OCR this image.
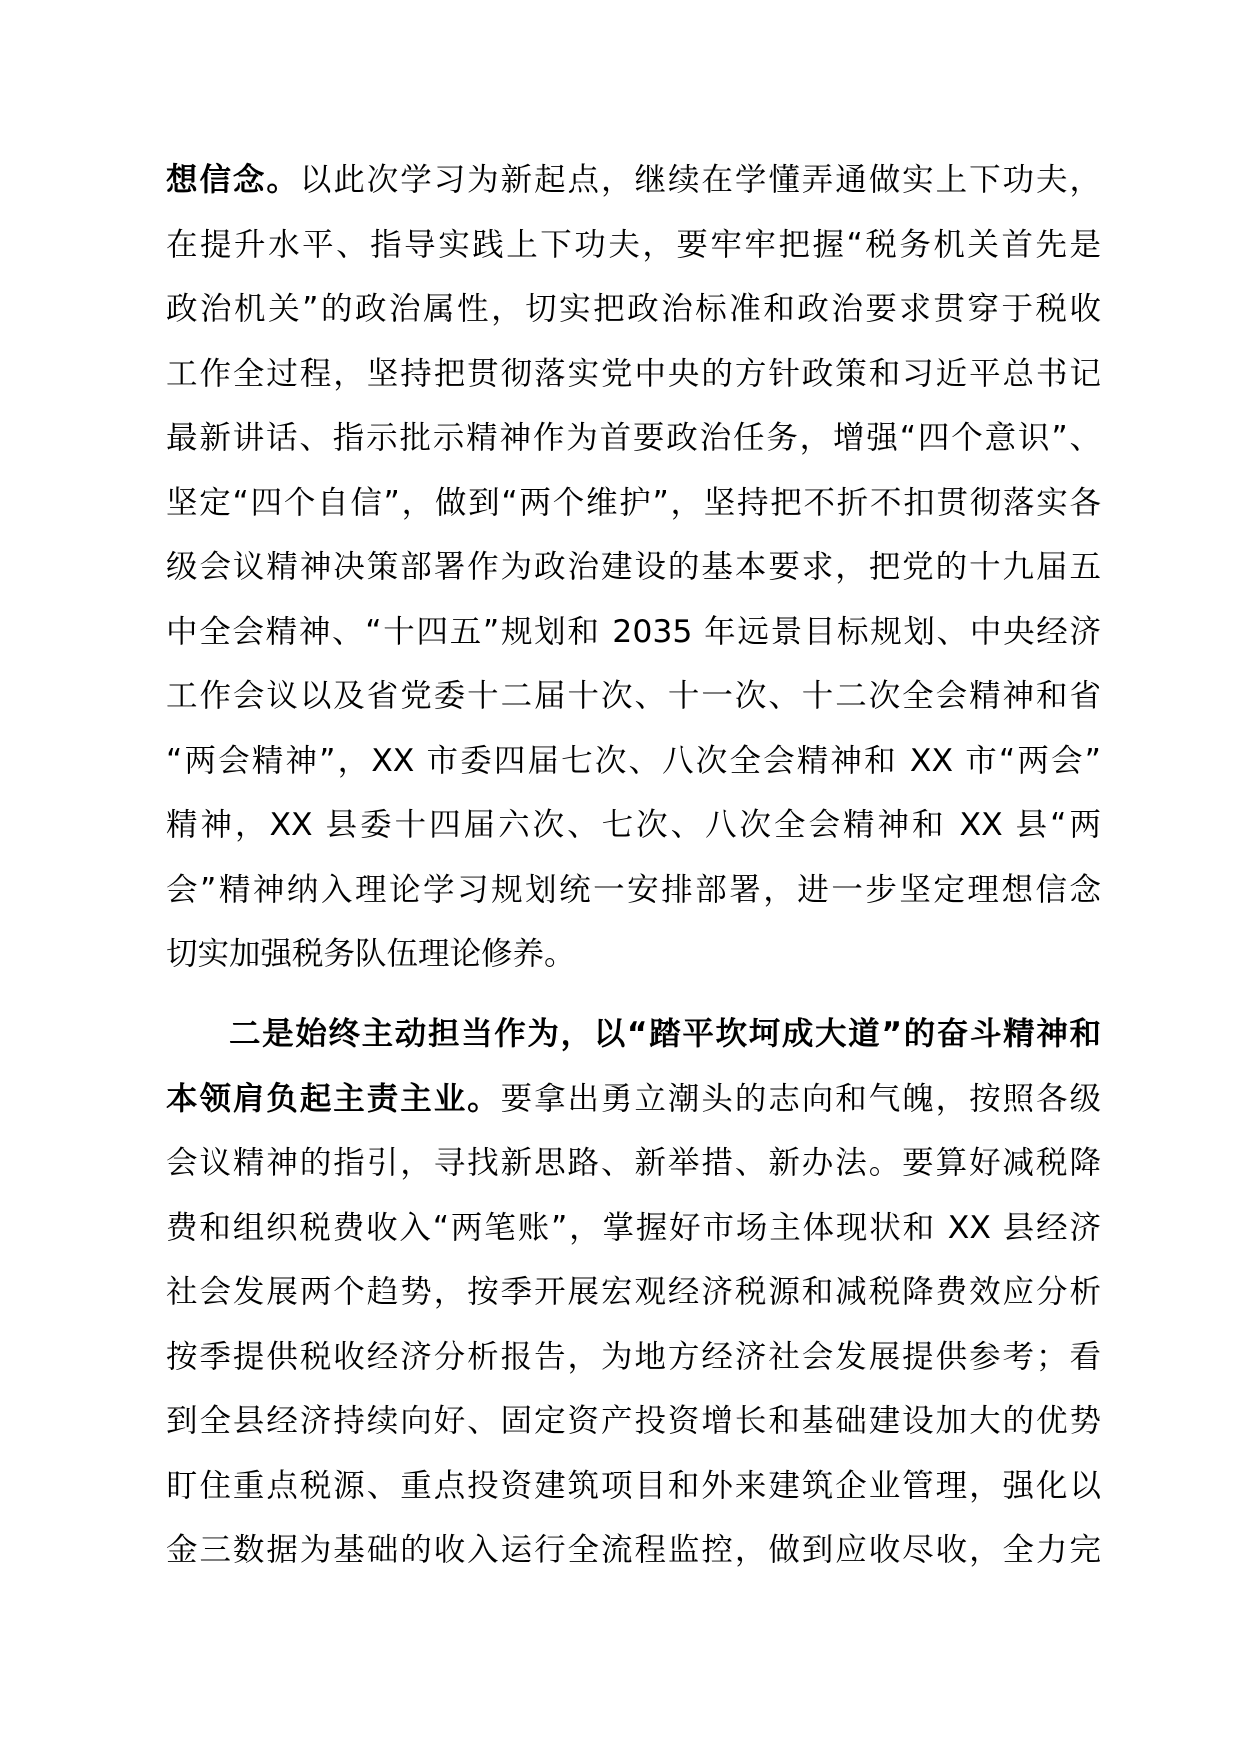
想信念。以此次学习为新起点，继续在学懂弄通做实上下功夫，
在提升水平、指导实践上下功夫，要牢牢把握“税务机关首先是
政治机关”的政治属性，切实把政治标准和政治要求贯穿于税收
工作全过程，坚持把贯彻落实党中央的方针政策和习近平总书记
最新讲话、指示批示精神作为首要政治任务，增强“四个意识”、
坚定“四个自信”，做到“两个维护”，坚持把不折不扣贯彻落实各
级会议精神决策部署作为政治建设的基本要求，把党的十九届五
中全会精神、“十四五”规划和 2035 年远景目标规划、中央经济
工作会议以及省党委十二届十次、十一次、十二次全会精神和省
“两会精神”，XX 市委四届七次、八次全会精神和 XX 市“两会”
精神，XX 县委十四届六次、七次、八次全会精神和 XX 县“两
会”精神纳入理论学习规划统一安排部署，进一步坚定理想信念
切实加强税务队伍理论修养。
二是始终主动担当作为，以“踏平坎坷成大道”的奋斗精神和
本领肩负起主责主业。要拿出勇立潮头的志向和气魄，按照各级
会议精神的指引，寻找新思路、新举措、新办法。要算好减税降
费和组织税费收入“两笔账”，掌握好市场主体现状和 XX 县经济
社会发展两个趋势，按季开展宏观经济税源和减税降费效应分析
按季提供税收经济分析报告，为地方经济社会发展提供参考；看
到全县经济持续向好、固定资产投资增长和基础建设加大的优势
盯住重点税源、重点投资建筑项目和外来建筑企业管理，强化以
金三数据为基础的收入运行全流程监控，做到应收尽收，全力完
